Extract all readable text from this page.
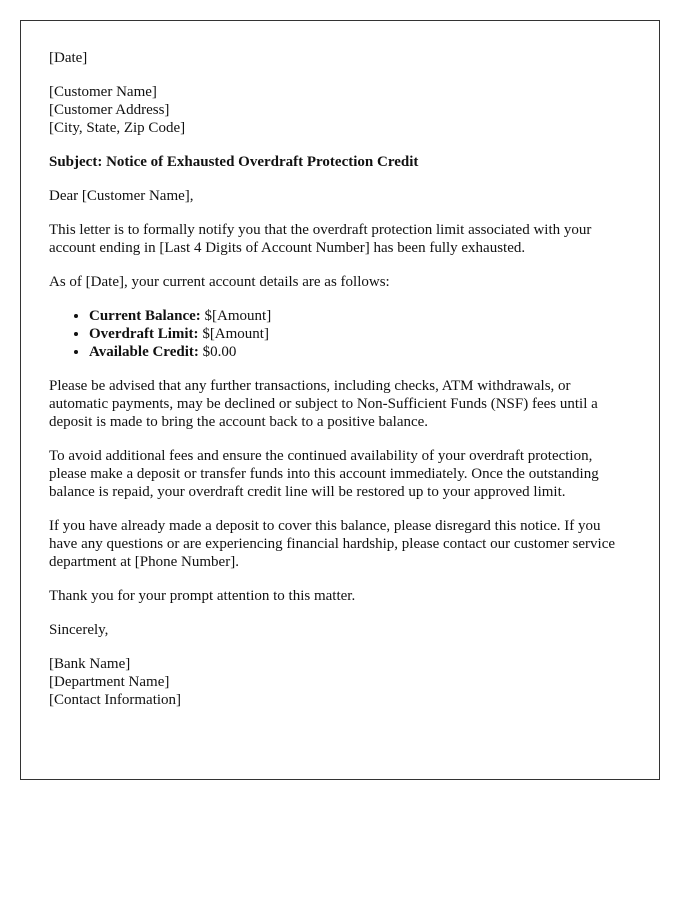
[Date]

[Customer Name]
[Customer Address]
[City, State, Zip Code]

Subject: Notice of Exhausted Overdraft Protection Credit

Dear [Customer Name],

This letter is to formally notify you that the overdraft protection limit associated with your account ending in [Last 4 Digits of Account Number] has been fully exhausted.

As of [Date], your current account details are as follows:

• Current Balance: $[Amount]
• Overdraft Limit: $[Amount]
• Available Credit: $0.00

Please be advised that any further transactions, including checks, ATM withdrawals, or automatic payments, may be declined or subject to Non-Sufficient Funds (NSF) fees until a deposit is made to bring the account back to a positive balance.

To avoid additional fees and ensure the continued availability of your overdraft protection, please make a deposit or transfer funds into this account immediately. Once the outstanding balance is repaid, your overdraft credit line will be restored up to your approved limit.

If you have already made a deposit to cover this balance, please disregard this notice. If you have any questions or are experiencing financial hardship, please contact our customer service department at [Phone Number].

Thank you for your prompt attention to this matter.

Sincerely,

[Bank Name]
[Department Name]
[Contact Information]
